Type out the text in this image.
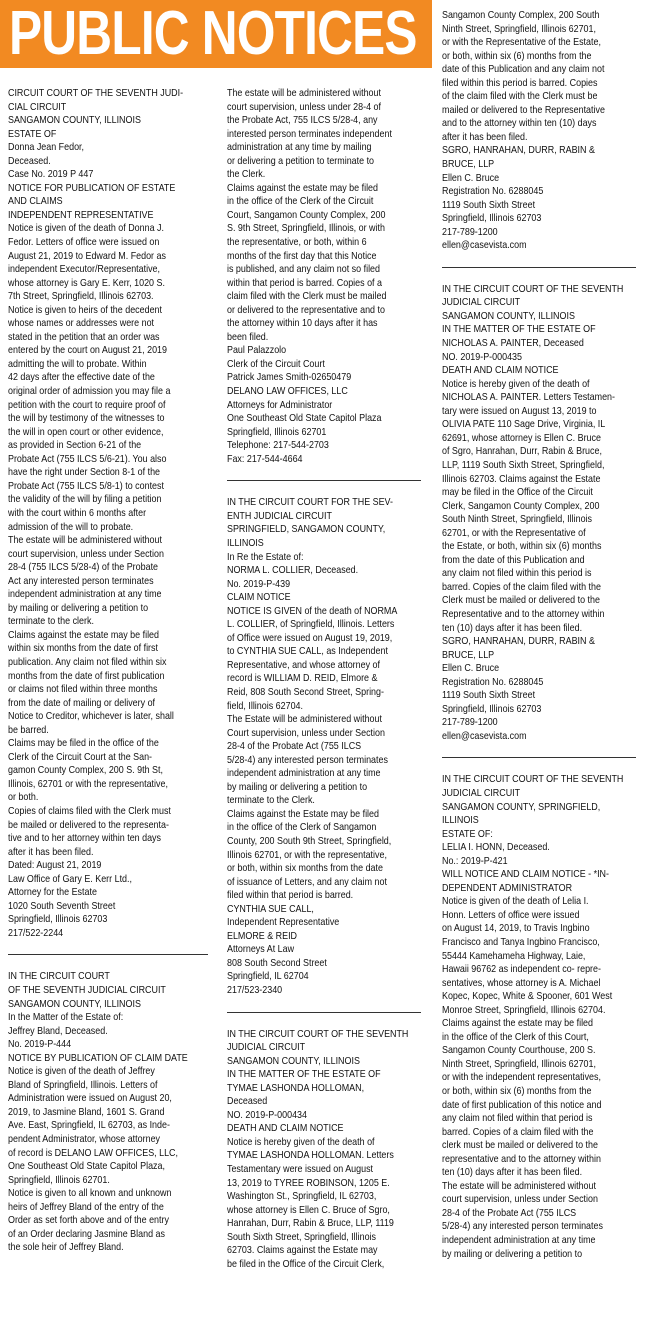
PUBLIC NOTICES
CIRCUIT COURT OF THE SEVENTH JUDI-
CIAL CIRCUIT
SANGAMON COUNTY, ILLINOIS
ESTATE OF
Donna Jean Fedor,
Deceased.
Case No. 2019 P 447
NOTICE FOR PUBLICATION OF ESTATE
AND CLAIMS
INDEPENDENT REPRESENTATIVE
Notice is given of the death of Donna J.
Fedor. Letters of office were issued on
August 21, 2019 to Edward M. Fedor as
independent Executor/Representative,
whose attorney is Gary E. Kerr, 1020 S.
7th Street, Springfield, Illinois 62703.
Notice is given to heirs of the decedent
whose names or addresses were not
stated in the petition that an order was
entered by the court on August 21, 2019
admitting the will to probate. Within
42 days after the effective date of the
original order of admission you may file a
petition with the court to require proof of
the will by testimony of the witnesses to
the will in open court or other evidence,
as provided in Section 6-21 of the
Probate Act (755 ILCS 5/6-21). You also
have the right under Section 8-1 of the
Probate Act (755 ILCS 5/8-1) to contest
the validity of the will by filing a petition
with the court within 6 months after
admission of the will to probate.
The estate will be administered without
court supervision, unless under Section
28-4 (755 ILCS 5/28-4) of the Probate
Act any interested person terminates
independent administration at any time
by mailing or delivering a petition to
terminate to the clerk.
Claims against the estate may be filed
within six months from the date of first
publication. Any claim not filed within six
months from the date of first publication
or claims not filed within three months
from the date of mailing or delivery of
Notice to Creditor, whichever is later, shall
be barred.
Claims may be filed in the office of the
Clerk of the Circuit Court at the San-
gamon County Complex, 200 S. 9th St,
Illinois, 62701 or with the representative,
or both.
Copies of claims filed with the Clerk must
be mailed or delivered to the representa-
tive and to her attorney within ten days
after it has been filed.
Dated: August 21, 2019
Law Office of Gary E. Kerr Ltd.,
Attorney for the Estate
1020 South Seventh Street
Springfield, Illinois 62703
217/522-2244
IN THE CIRCUIT COURT
OF THE SEVENTH JUDICIAL CIRCUIT
SANGAMON COUNTY, ILLINOIS
In the Matter of the Estate of:
Jeffrey Bland, Deceased.
No. 2019-P-444
NOTICE BY PUBLICATION OF CLAIM DATE
Notice is given of the death of Jeffrey
Bland of Springfield, Illinois. Letters of
Administration were issued on August 20,
2019, to Jasmine Bland, 1601 S. Grand
Ave. East, Springfield, IL 62703, as Inde-
pendent Administrator, whose attorney
of record is DELANO LAW OFFICES, LLC,
One Southeast Old State Capitol Plaza,
Springfield, Illinois 62701.
Notice is given to all known and unknown
heirs of Jeffrey Bland of the entry of the
Order as set forth above and of the entry
of an Order declaring Jasmine Bland as
the sole heir of Jeffrey Bland.
The estate will be administered without
court supervision, unless under 28-4 of
the Probate Act, 755 ILCS 5/28-4, any
interested person terminates independent
administration at any time by mailing
or delivering a petition to terminate to
the Clerk.
Claims against the estate may be filed
in the office of the Clerk of the Circuit
Court, Sangamon County Complex, 200
S. 9th Street, Springfield, Illinois, or with
the representative, or both, within 6
months of the first day that this Notice
is published, and any claim not so filed
within that period is barred. Copies of a
claim filed with the Clerk must be mailed
or delivered to the representative and to
the attorney within 10 days after it has
been filed.
Paul Palazzolo
Clerk of the Circuit Court
Patrick James Smith-02650479
DELANO LAW OFFICES, LLC
Attorneys for Administrator
One Southeast Old State Capitol Plaza
Springfield, Illinois 62701
Telephone: 217-544-2703
Fax: 217-544-4664
IN THE CIRCUIT COURT FOR THE SEV-
ENTH JUDICIAL CIRCUIT
SPRINGFIELD, SANGAMON COUNTY,
ILLINOIS
In Re the Estate of:
NORMA L. COLLIER, Deceased.
No. 2019-P-439
CLAIM NOTICE
NOTICE IS GIVEN of the death of NORMA
L. COLLIER, of Springfield, Illinois. Letters
of Office were issued on August 19, 2019,
to CYNTHIA SUE CALL, as Independent
Representative, and whose attorney of
record is WILLIAM D. REID, Elmore &
Reid, 808 South Second Street, Spring-
field, Illinois 62704.
The Estate will be administered without
Court supervision, unless under Section
28-4 of the Probate Act (755 ILCS
5/28-4) any interested person terminates
independent administration at any time
by mailing or delivering a petition to
terminate to the Clerk.
Claims against the Estate may be filed
in the office of the Clerk of Sangamon
County, 200 South 9th Street, Springfield,
Illinois 62701, or with the representative,
or both, within six months from the date
of issuance of Letters, and any claim not
filed within that period is barred.
CYNTHIA SUE CALL,
Independent Representative
ELMORE & REID
Attorneys At Law
808 South Second Street
Springfield, IL 62704
217/523-2340
IN THE CIRCUIT COURT OF THE SEVENTH
JUDICIAL CIRCUIT
SANGAMON COUNTY, ILLINOIS
IN THE MATTER OF THE ESTATE OF
TYMAE LASHONDA HOLLOMAN,
Deceased
NO. 2019-P-000434
DEATH AND CLAIM NOTICE
Notice is hereby given of the death of
TYMAE LASHONDA HOLLOMAN. Letters
Testamentary were issued on August
13, 2019 to TYREE ROBINSON, 1205 E.
Washington St., Springfield, IL 62703,
whose attorney is Ellen C. Bruce of Sgro,
Hanrahan, Durr, Rabin & Bruce, LLP, 1119
South Sixth Street, Springfield, Illinois
62703. Claims against the Estate may
be filed in the Office of the Circuit Clerk,
Sangamon County Complex, 200 South
Ninth Street, Springfield, Illinois 62701,
or with the Representative of the Estate,
or both, within six (6) months from the
date of this Publication and any claim not
filed within this period is barred. Copies
of the claim filed with the Clerk must be
mailed or delivered to the Representative
and to the attorney within ten (10) days
after it has been filed.
SGRO, HANRAHAN, DURR, RABIN &
BRUCE, LLP
Ellen C. Bruce
Registration No. 6288045
1119 South Sixth Street
Springfield, Illinois 62703
217-789-1200
ellen@casevista.com
IN THE CIRCUIT COURT OF THE SEVENTH
JUDICIAL CIRCUIT
SANGAMON COUNTY, ILLINOIS
IN THE MATTER OF THE ESTATE OF
NICHOLAS A. PAINTER, Deceased
NO. 2019-P-000435
DEATH AND CLAIM NOTICE
Notice is hereby given of the death of
NICHOLAS A. PAINTER. Letters Testamen-
tary were issued on August 13, 2019 to
OLIVIA PATE 110 Sage Drive, Virginia, IL
62691, whose attorney is Ellen C. Bruce
of Sgro, Hanrahan, Durr, Rabin & Bruce,
LLP, 1119 South Sixth Street, Springfield,
Illinois 62703. Claims against the Estate
may be filed in the Office of the Circuit
Clerk, Sangamon County Complex, 200
South Ninth Street, Springfield, Illinois
62701, or with the Representative of
the Estate, or both, within six (6) months
from the date of this Publication and
any claim not filed within this period is
barred. Copies of the claim filed with the
Clerk must be mailed or delivered to the
Representative and to the attorney within
ten (10) days after it has been filed.
SGRO, HANRAHAN, DURR, RABIN &
BRUCE, LLP
Ellen C. Bruce
Registration No. 6288045
1119 South Sixth Street
Springfield, Illinois 62703
217-789-1200
ellen@casevista.com
IN THE CIRCUIT COURT OF THE SEVENTH
JUDICIAL CIRCUIT
SANGAMON COUNTY, SPRINGFIELD,
ILLINOIS
ESTATE OF:
LELIA I. HONN, Deceased.
No.: 2019-P-421
WILL NOTICE AND CLAIM NOTICE - *IN-
DEPENDENT ADMINISTRATOR
Notice is given of the death of Lelia I.
Honn. Letters of office were issued
on August 14, 2019, to Travis Ingbino
Francisco and Tanya Ingbino Francisco,
55444 Kamehameha Highway, Laie,
Hawaii 96762 as independent co- repre-
sentatives, whose attorney is A. Michael
Kopec, Kopec, White & Spooner, 601 West
Monroe Street, Springfield, Illinois 62704.
Claims against the estate may be filed
in the office of the Clerk of this Court,
Sangamon County Courthouse, 200 S.
Ninth Street, Springfield, Illinois 62701,
or with the independent representatives,
or both, within six (6) months from the
date of first publication of this notice and
any claim not filed within that period is
barred. Copies of a claim filed with the
clerk must be mailed or delivered to the
representative and to the attorney within
ten (10) days after it has been filed.
The estate will be administered without
court supervision, unless under Section
28-4 of the Probate Act (755 ILCS
5/28-4) any interested person terminates
independent administration at any time
by mailing or delivering a petition to
